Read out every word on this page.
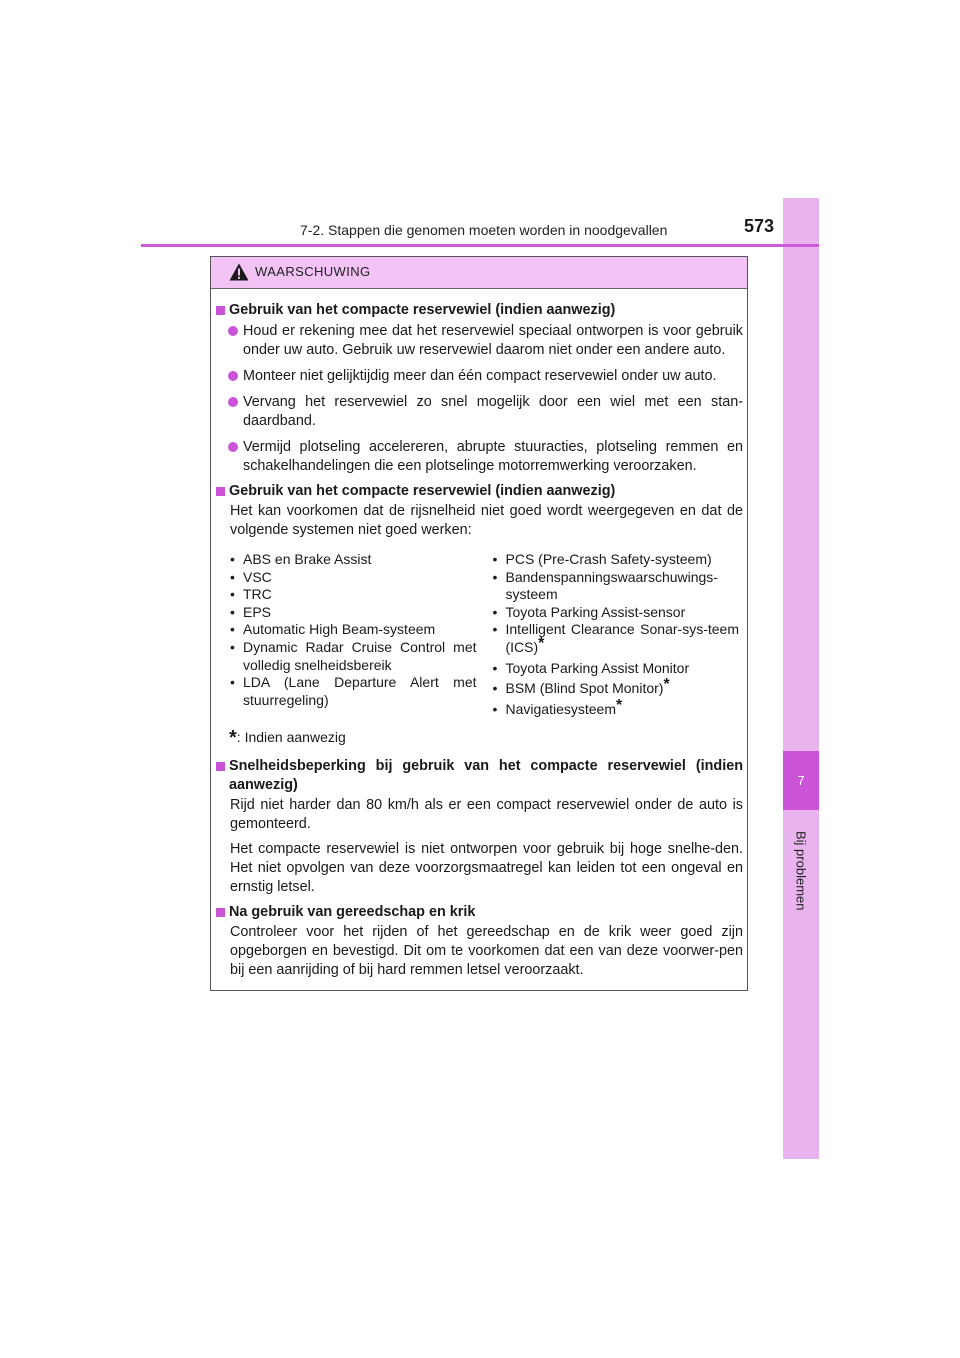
7
Bij problemen
7-2. Stappen die genomen moeten worden in noodgevallen	573
WAARSCHUWING
Gebruik van het compacte reservewiel (indien aanwezig)
Houd er rekening mee dat het reservewiel speciaal ontworpen is voor gebruik onder uw auto. Gebruik uw reservewiel daarom niet onder een andere auto.
Monteer niet gelijktijdig meer dan één compact reservewiel onder uw auto.
Vervang het reservewiel zo snel mogelijk door een wiel met een stan-daardband.
Vermijd plotseling accelereren, abrupte stuuracties, plotseling remmen en schakelhandelingen die een plotselinge motorremwerking veroorzaken.
Gebruik van het compacte reservewiel (indien aanwezig)
Het kan voorkomen dat de rijsnelheid niet goed wordt weergegeven en dat de volgende systemen niet goed werken:
• ABS en Brake Assist
• VSC
• TRC
• EPS
• Automatic High Beam-systeem
• Dynamic Radar Cruise Control met volledig snelheidsbereik
• LDA (Lane Departure Alert met stuurregeling)
• PCS (Pre-Crash Safety-systeem)
• Bandenspanningswaarschuwings-systeem
• Toyota Parking Assist-sensor
• Intelligent Clearance Sonar-sys-teem (ICS)*
• Toyota Parking Assist Monitor
• BSM (Blind Spot Monitor)*
• Navigatiesysteem*
*: Indien aanwezig
Snelheidsbeperking bij gebruik van het compacte reservewiel (indien aanwezig)
Rijd niet harder dan 80 km/h als er een compact reservewiel onder de auto is gemonteerd.
Het compacte reservewiel is niet ontworpen voor gebruik bij hoge snelhe-den. Het niet opvolgen van deze voorzorgsmaatregel kan leiden tot een ongeval en ernstig letsel.
Na gebruik van gereedschap en krik
Controleer voor het rijden of het gereedschap en de krik weer goed zijn opgeborgen en bevestigd. Dit om te voorkomen dat een van deze voorwer-pen bij een aanrijding of bij hard remmen letsel veroorzaakt.
